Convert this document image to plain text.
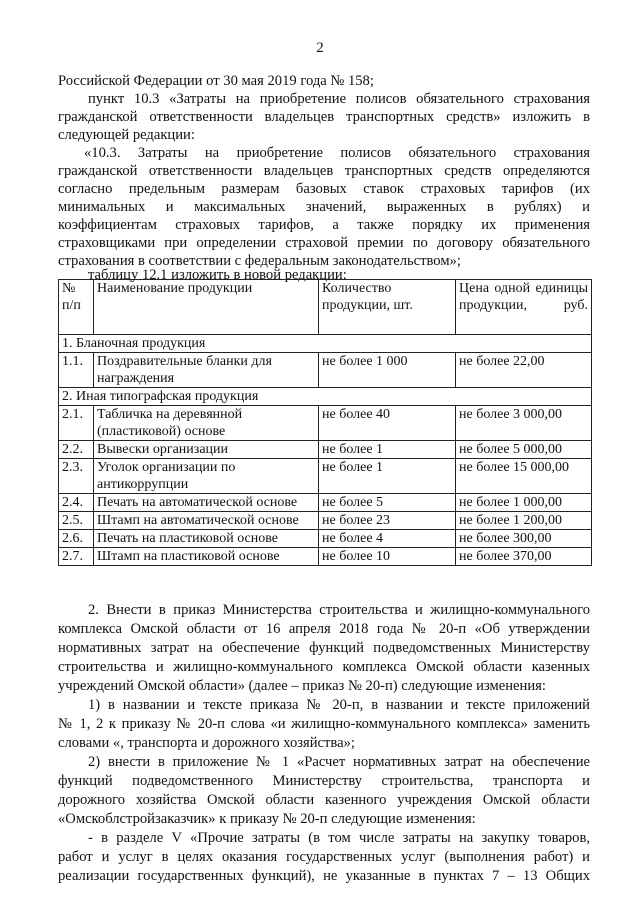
2
Российской Федерации от 30 мая 2019 года № 158;
пункт 10.3 «Затраты на приобретение полисов обязательного страхования
гражданской ответственности владельцев транспортных средств» изложить в
следующей редакции:
«10.3. Затраты на приобретение полисов обязательного страхования
гражданской ответственности владельцев транспортных средств определяются
согласно предельным размерам базовых ставок страховых тарифов (их
минимальных и максимальных значений, выраженных в рублях) и
коэффициентам страховых тарифов, а также порядку их применения
страховщиками при определении страховой премии по договору обязательного
страхования в соответствии с федеральным законодательством»;
таблицу 12.1 изложить в новой редакции:
№ п/п	Наименование продукции	Количество продукции, шт.	Цена одной единицы продукции, руб.

1. Бланочная продукция			
1.1.	Поздравительные бланки для награждения	не более 1 000	не более 22,00
2. Иная типографская продукция			
2.1.	Табличка на деревянной (пластиковой) основе	не более 40	не более 3 000,00
2.2.	Вывески организации	не более 1	не более 5 000,00
2.3.	Уголок организации по антикоррупции	не более 1	не более 15 000,00
2.4.	Печать на автоматической основе	не более 5	не более 1 000,00
2.5.	Штамп на автоматической основе	не более 23	не более 1 200,00
2.6.	Печать на пластиковой основе	не более 4	не более 300,00
2.7.	Штамп на пластиковой основе	не более 10	не более 370,00
2. Внести в приказ Министерства строительства и жилищно-коммунального
комплекса Омской области от 16 апреля 2018 года № 20-п «Об утверждении
нормативных затрат на обеспечение функций подведомственных Министерству
строительства и жилищно-коммунального комплекса Омской области казенных
учреждений Омской области» (далее – приказ № 20-п) следующие изменения:
1) в названии и тексте приказа № 20-п, в названии и тексте приложений
№ 1, 2 к приказу № 20-п слова «и жилищно-коммунального комплекса» заменить
словами «, транспорта и дорожного хозяйства»;
2) внести в приложение № 1 «Расчет нормативных затрат на обеспечение
функций подведомственного Министерству строительства, транспорта и
дорожного хозяйства Омской области казенного учреждения Омской области
«Омскоблстройзаказчик» к приказу № 20-п следующие изменения:
- в разделе V «Прочие затраты (в том числе затраты на закупку товаров,
работ и услуг в целях оказания государственных услуг (выполнения работ) и
реализации государственных функций), не указанные в пунктах 7 – 13 Общих
